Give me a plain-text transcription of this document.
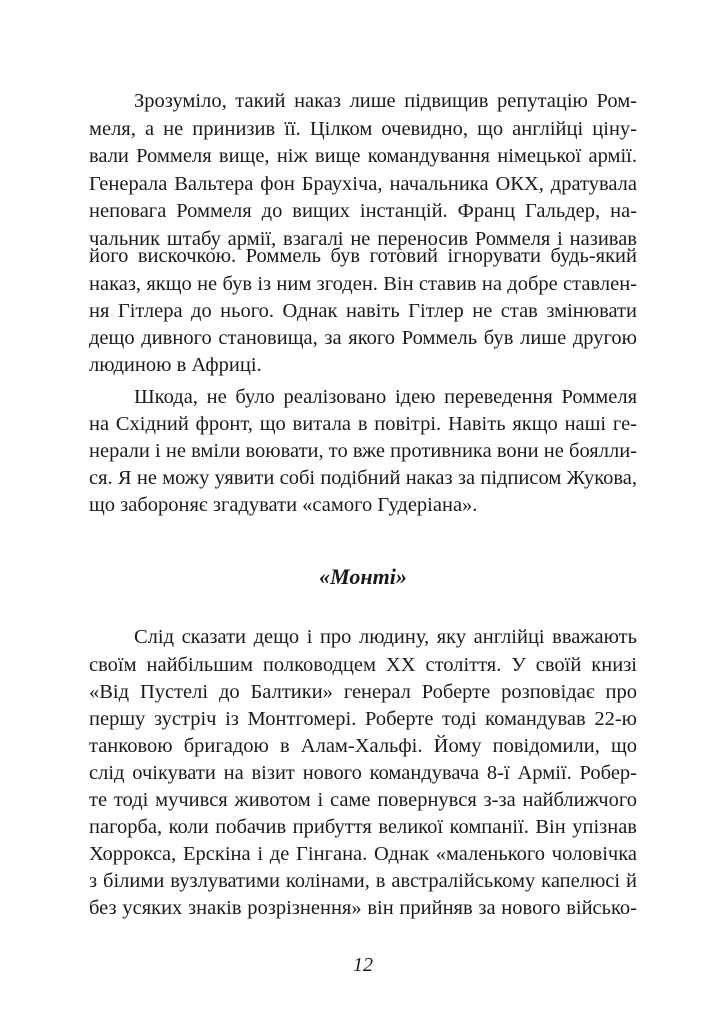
Зрозуміло, такий наказ лише підвищив репутацію Ром-
меля, а не принизив її. Цілком очевидно, що англійці ціну-
вали Роммеля вище, ніж вище командування німецької армії.
Генерала Вальтера фон Браухіча, начальника ОКХ, дратувала
неповага Роммеля до вищих інстанцій. Франц Гальдер, на-
чальник штабу армії, взагалі не переносив Роммеля і називав
його вискочкою. Роммель був готовий ігнорувати будь-який
наказ, якщо не був із ним згоден. Він ставив на добре ставлен-
ня Гітлера до нього. Однак навіть Гітлер не став змінювати
дещо дивного становища, за якого Роммель був лише другою
людиною в Африці.
Шкода, не було реалізовано ідею переведення Роммеля
на Східний фронт, що витала в повітрі. Навіть якщо наші ге-
нерали і не вміли воювати, то вже противника вони не боялли-
ся. Я не можу уявити собі подібний наказ за підписом Жукова,
що забороняє згадувати «самого Гудеріана».
«Монті»
Слід сказати дещо і про людину, яку англійці вважають
своїм найбільшим полководцем XX століття. У своїй книзі
«Від Пустелі до Балтики» генерал Роберте розповідає про
першу зустріч із Монтгомері. Роберте тоді командував 22-ю
танковою бригадою в Алам-Хальфі. Йому повідомили, що
слід очікувати на візит нового командувача 8-ї Армії. Робер-
те тоді мучився животом і саме повернувся з-за найближчого
пагорба, коли побачив прибуття великої компанії. Він упізнав
Хорроксa, Ерскіна і де Гінгана. Однак «маленького чоловічка
з білими вузлуватими колінами, в австралійському капелюсі й
без усяких знаків розрізнення» він прийняв за нового військо-
12
